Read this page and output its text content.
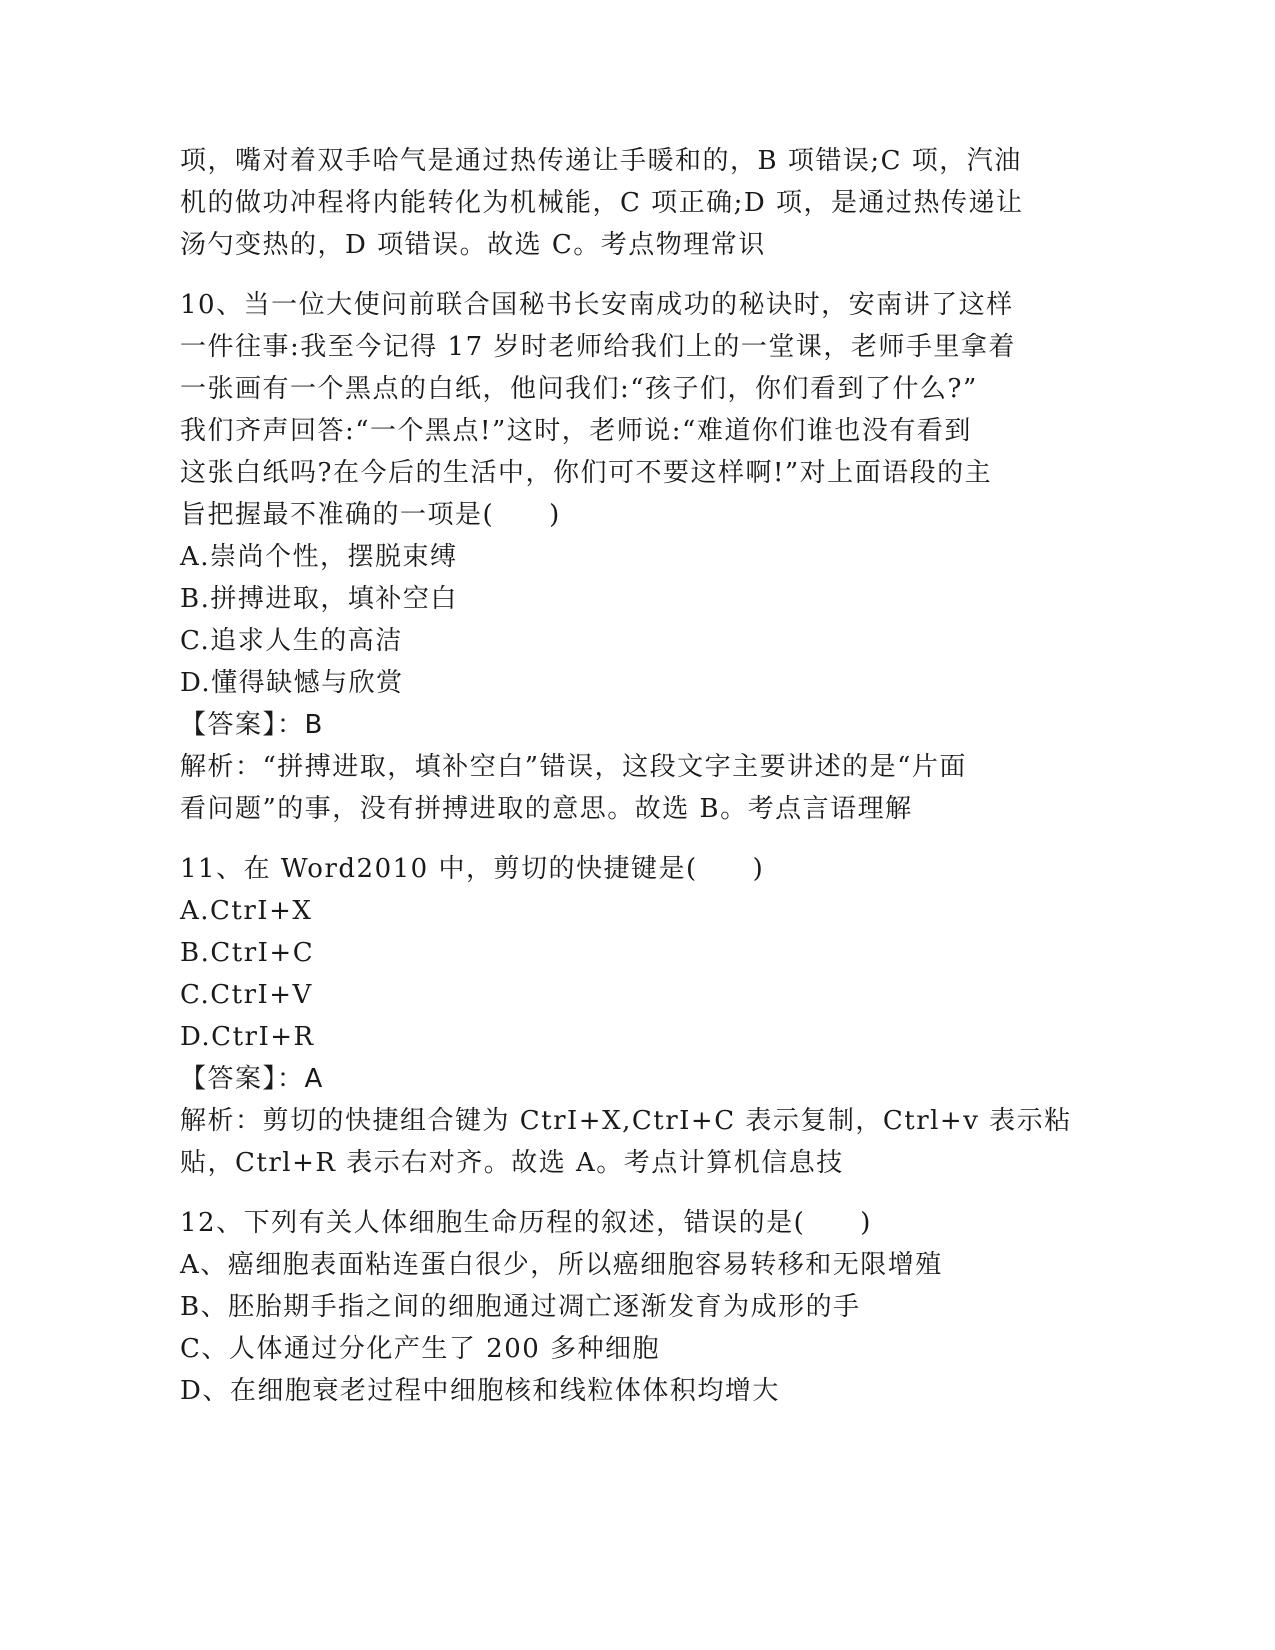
项，嘴对着双手哈气是通过热传递让手暖和的，B 项错误;C 项，汽油
机的做功冲程将内能转化为机械能，C 项正确;D 项，是通过热传递让
汤勺变热的，D 项错误。故选 C。考点物理常识
10、当一位大使问前联合国秘书长安南成功的秘诀时，安南讲了这样
一件往事:我至今记得 17 岁时老师给我们上的一堂课，老师手里拿着
一张画有一个黑点的白纸，他问我们:“孩子们，你们看到了什么?”
我们齐声回答:“一个黑点!”这时，老师说:“难道你们谁也没有看到
这张白纸吗?在今后的生活中，你们可不要这样啊!”对上面语段的主
旨把握最不准确的一项是(　　)
A.崇尚个性，摆脱束缚
B.拼搏进取，填补空白
C.追求人生的高洁
D.懂得缺憾与欣赏
【答案】：B
解析：“拼搏进取，填补空白”错误，这段文字主要讲述的是“片面
看问题”的事，没有拼搏进取的意思。故选 B。考点言语理解
11、在 Word2010 中，剪切的快捷键是(　　)
A.CtrI+X
B.CtrI+C
C.CtrI+V
D.CtrI+R
【答案】：A
解析：剪切的快捷组合键为 CtrI+X,CtrI+C 表示复制，Ctrl+v 表示粘
贴，Ctrl+R 表示右对齐。故选 A。考点计算机信息技
12、下列有关人体细胞生命历程的叙述，错误的是(　　)
A、癌细胞表面粘连蛋白很少，所以癌细胞容易转移和无限增殖
B、胚胎期手指之间的细胞通过凋亡逐渐发育为成形的手
C、人体通过分化产生了 200 多种细胞
D、在细胞衰老过程中细胞核和线粒体体积均增大
